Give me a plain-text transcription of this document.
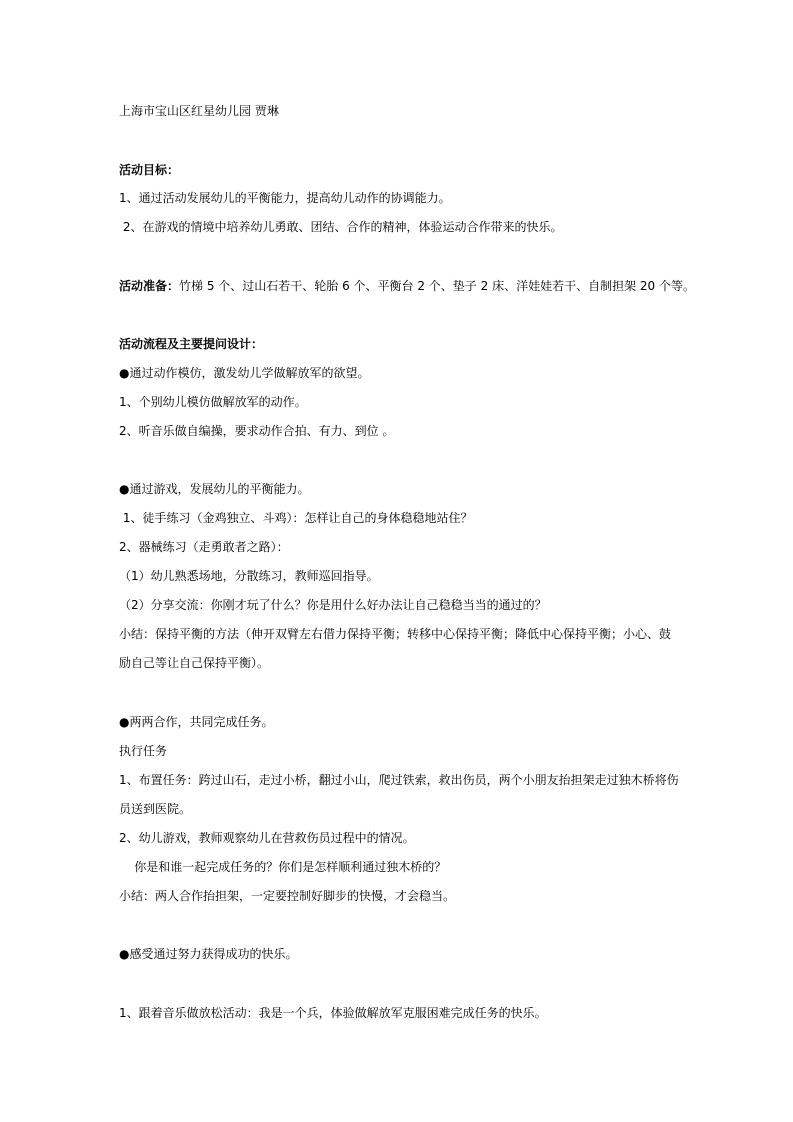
上海市宝山区红星幼儿园 贾琳
活动目标：
1、通过活动发展幼儿的平衡能力，提高幼儿动作的协调能力。
2、在游戏的情境中培养幼儿勇敢、团结、合作的精神，体验运动合作带来的快乐。
活动准备：竹梯 5 个、过山石若干、轮胎 6 个、平衡台 2 个、垫子 2 床、洋娃娃若干、自制担架 20 个等。
活动流程及主要提问设计：
●通过动作模仿，激发幼儿学做解放军的欲望。
1、个别幼儿模仿做解放军的动作。
2、听音乐做自编操，要求动作合拍、有力、到位 。
●通过游戏，发展幼儿的平衡能力。
1、徒手练习（金鸡独立、斗鸡）：怎样让自己的身体稳稳地站住？
2、器械练习（走勇敢者之路）：
（1）幼儿熟悉场地，分散练习，教师巡回指导。
（2）分享交流：你刚才玩了什么？你是用什么好办法让自己稳稳当当的通过的？
小结：保持平衡的方法（伸开双臂左右借力保持平衡；转移中心保持平衡；降低中心保持平衡；小心、鼓
励自己等让自己保持平衡）。
●两两合作，共同完成任务。
执行任务
1、布置任务：跨过山石，走过小桥，翻过小山，爬过铁索，救出伤员，两个小朋友抬担架走过独木桥将伤
员送到医院。
2、幼儿游戏，教师观察幼儿在营救伤员过程中的情况。
你是和谁一起完成任务的？你们是怎样顺利通过独木桥的？
小结：两人合作抬担架，一定要控制好脚步的快慢，才会稳当。
●感受通过努力获得成功的快乐。
1、跟着音乐做放松活动：我是一个兵，体验做解放军克服困难完成任务的快乐。
